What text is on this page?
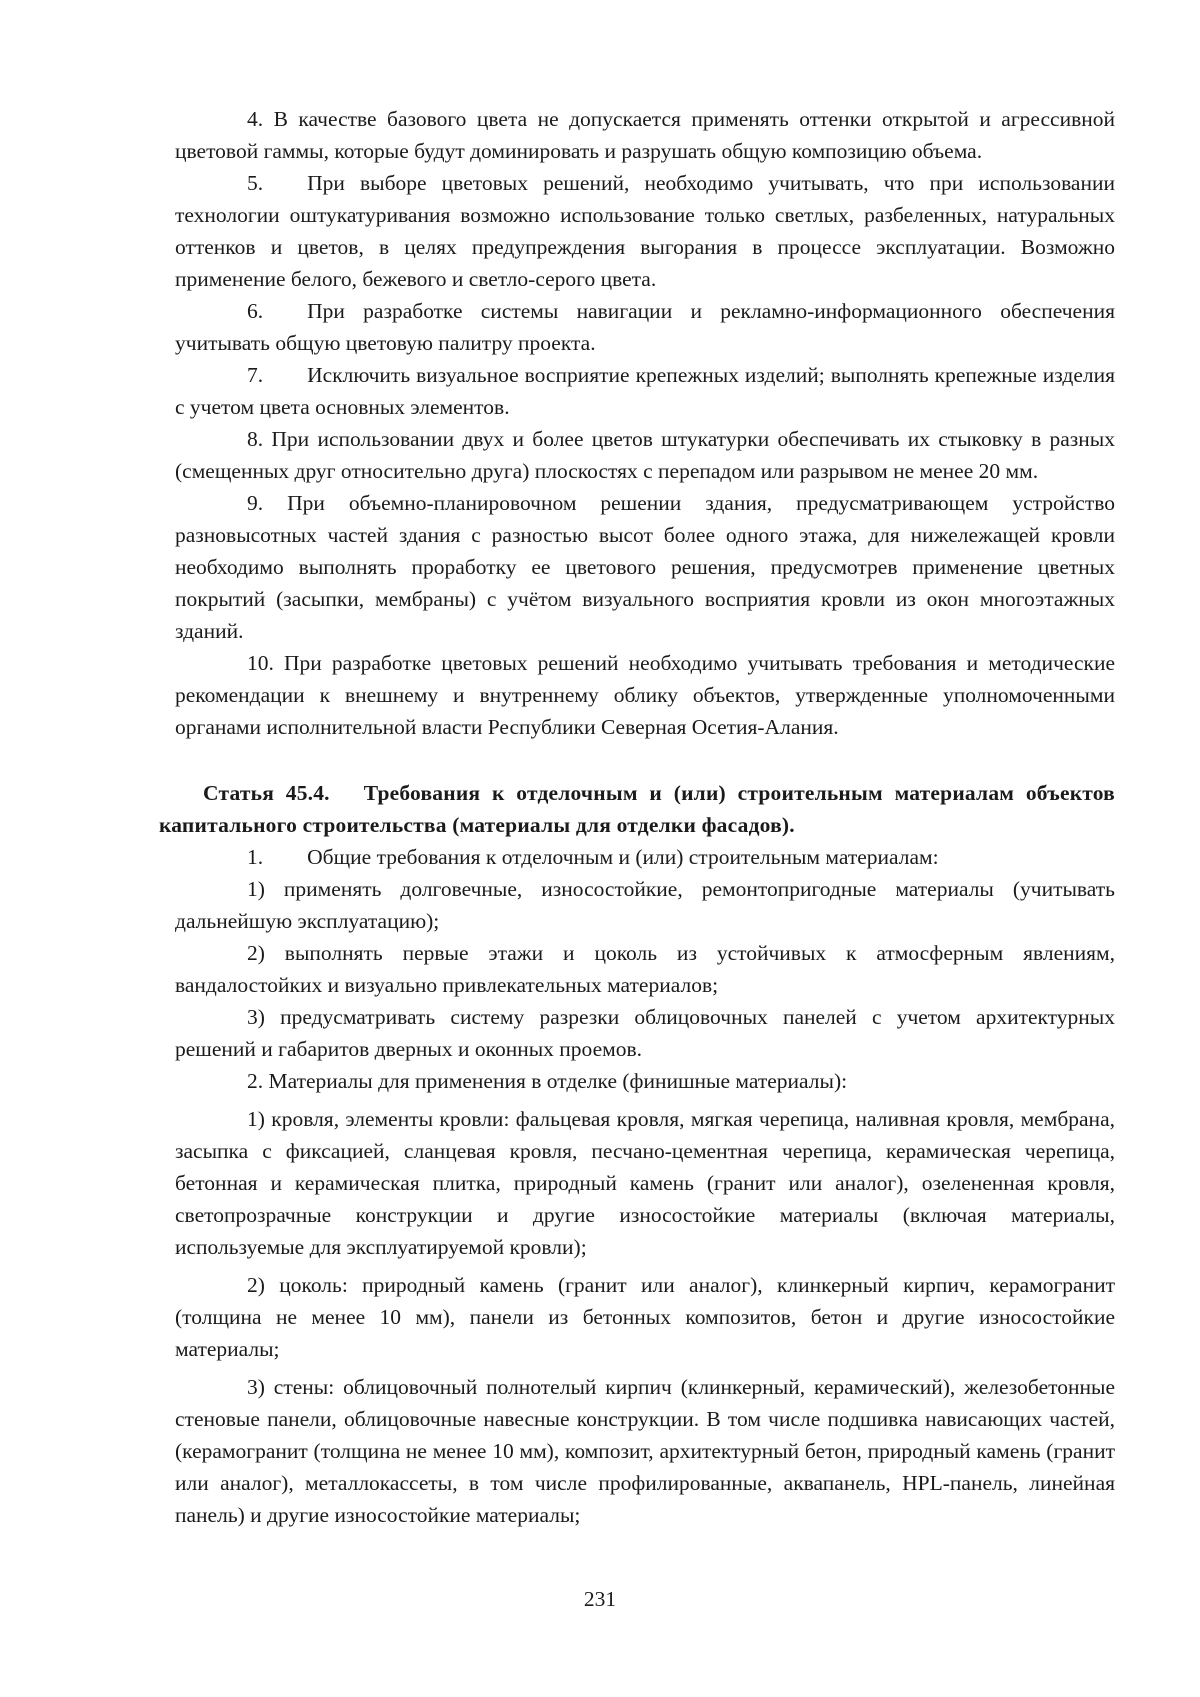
4. В качестве базового цвета не допускается применять оттенки открытой и агрессивной цветовой гаммы, которые будут доминировать и разрушать общую композицию объема.

5. При выборе цветовых решений, необходимо учитывать, что при использовании технологии оштукатуривания возможно использование только светлых, разбеленных, натуральных оттенков и цветов, в целях предупреждения выгорания в процессе эксплуатации. Возможно применение белого, бежевого и светло-серого цвета.

6. При разработке системы навигации и рекламно-информационного обеспечения учитывать общую цветовую палитру проекта.

7. Исключить визуальное восприятие крепежных изделий; выполнять крепежные изделия с учетом цвета основных элементов.

8. При использовании двух и более цветов штукатурки обеспечивать их стыковку в разных (смещенных друг относительно друга) плоскостях с перепадом или разрывом не менее 20 мм.

9. При объемно-планировочном решении здания, предусматривающем устройство разновысотных частей здания с разностью высот более одного этажа, для нижележащей кровли необходимо выполнять проработку ее цветового решения, предусмотрев применение цветных покрытий (засыпки, мембраны) с учётом визуального восприятия кровли из окон многоэтажных зданий.

10. При разработке цветовых решений необходимо учитывать требования и методические рекомендации к внешнему и внутреннему облику объектов, утвержденные уполномоченными органами исполнительной власти Республики Северная Осетия-Алания.

Статья 45.4. Требования к отделочным и (или) строительным материалам объектов капитального строительства (материалы для отделки фасадов).

1. Общие требования к отделочным и (или) строительным материалам:

1) применять долговечные, износостойкие, ремонтопригодные материалы (учитывать дальнейшую эксплуатацию);

2) выполнять первые этажи и цоколь из устойчивых к атмосферным явлениям, вандалостойких и визуально привлекательных материалов;

3) предусматривать систему разрезки облицовочных панелей с учетом архитектурных решений и габаритов дверных и оконных проемов.

2. Материалы для применения в отделке (финишные материалы):

1) кровля, элементы кровли: фальцевая кровля, мягкая черепица, наливная кровля, мембрана, засыпка с фиксацией, сланцевая кровля, песчано-цементная черепица, керамическая черепица, бетонная и керамическая плитка, природный камень (гранит или аналог), озелененная кровля, светопрозрачные конструкции и другие износостойкие материалы (включая материалы, используемые для эксплуатируемой кровли);

2) цоколь: природный камень (гранит или аналог), клинкерный кирпич, керамогранит (толщина не менее 10 мм), панели из бетонных композитов, бетон и другие износостойкие материалы;

3) стены: облицовочный полнотелый кирпич (клинкерный, керамический), железобетонные стеновые панели, облицовочные навесные конструкции. В том числе подшивка нависающих частей, (керамогранит (толщина не менее 10 мм), композит, архитектурный бетон, природный камень (гранит или аналог), металлокассеты, в том числе профилированные, аквапанель, HPL-панель, линейная панель) и другие износостойкие материалы;

231
